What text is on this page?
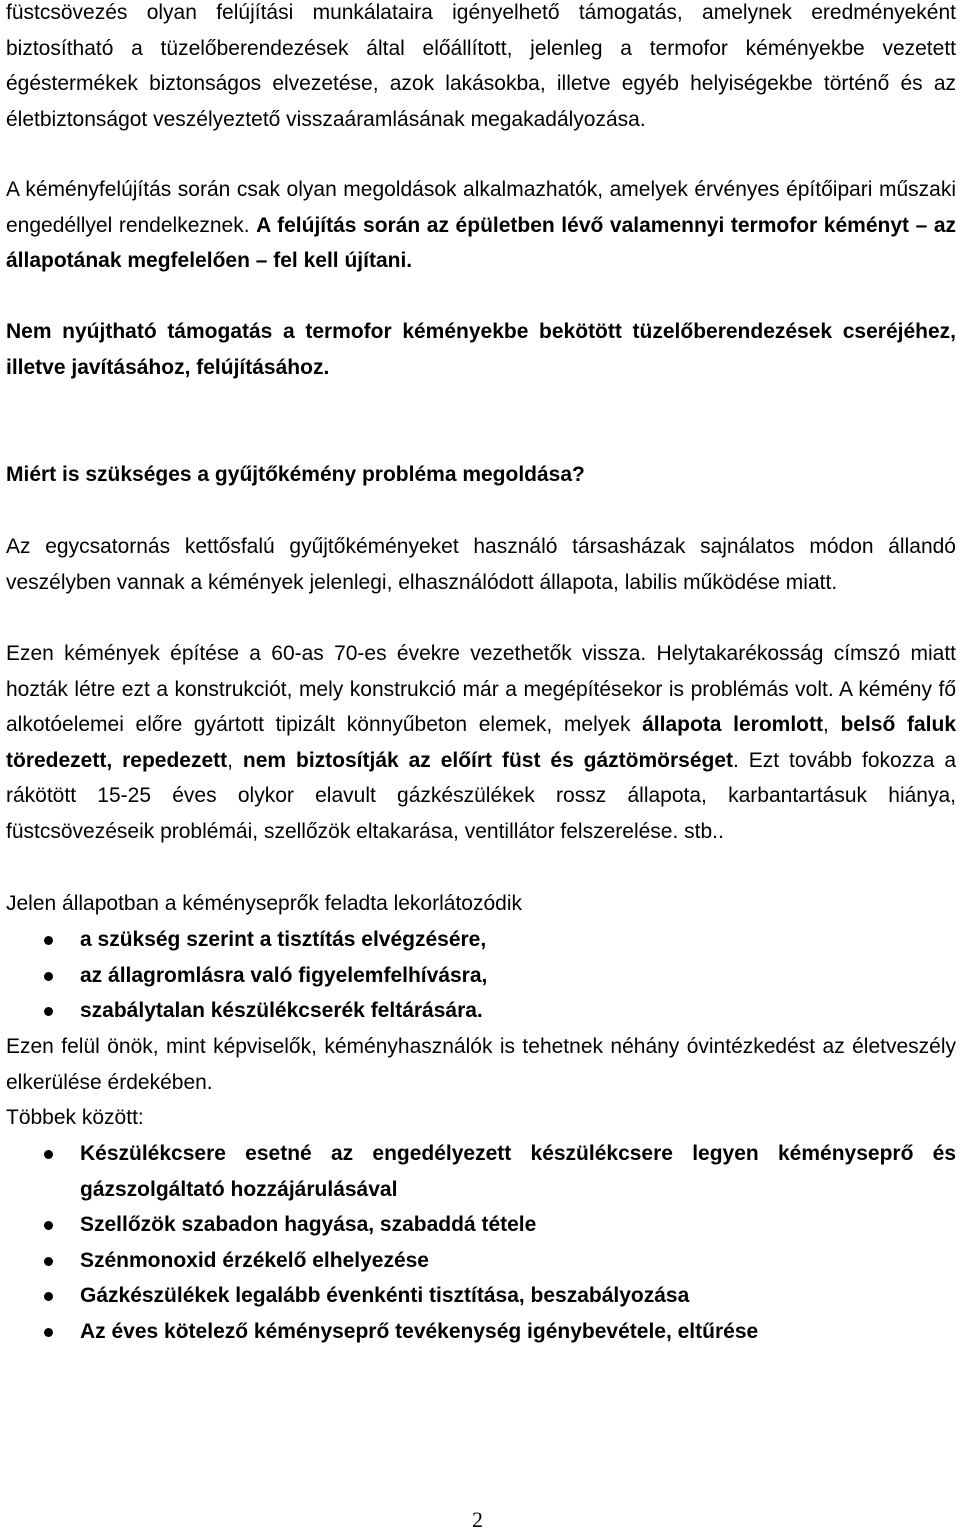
füstcsövezés olyan felújítási munkálataira igényelhető támogatás, amelynek eredményeként biztosítható a tüzelőberendezések által előállított, jelenleg a termofor kéményekbe vezetett égéstermékek biztonságos elvezetése, azok lakásokba, illetve egyéb helyiségekbe történő és az életbiztonságot veszélyeztető visszaáramlásának megakadályozása.

A kéményfelújítás során csak olyan megoldások alkalmazhatók, amelyek érvényes építőipari műszaki engedéllyel rendelkeznek. A felújítás során az épületben lévő valamennyi termofor kéményt – az állapotának megfelelően – fel kell újítani.

Nem nyújtható támogatás a termofor kéményekbe bekötött tüzelőberendezések cseréjéhez, illetve javításához, felújításához.

Miért is szükséges a gyűjtőkémény probléma megoldása?

Az egycsatornás kettősfalú gyűjtőkéményeket használó társasházak sajnálatos módon állandó veszélyben vannak a kémények jelenlegi, elhasználódott állapota, labilis működése miatt.

Ezen kémények építése a 60-as 70-es évekre vezethetők vissza. Helytakarékosság címszó miatt hozták létre ezt a konstrukciót, mely konstrukció már a megépítésekor is problémás volt. A kémény fő alkotóelemei előre gyártott tipizált könnyűbeton elemek, melyek állapota leromlott, belső faluk töredezett, repedezett, nem biztosítják az előírt füst és gáztömörséget. Ezt tovább fokozza a rákötött 15-25 éves olykor elavult gázkészülékek rossz állapota, karbantartásuk hiánya, füstcsövezéseik problémái, szellőzök eltakarása, ventillátor felszerelése. stb..

Jelen állapotban a kéményseprők feladta lekorlátozódik

a szükség szerint a tisztítás elvégzésére,
az állagromlásra való figyelemfelhívásra,
szabálytalan készülékcserék feltárására.

Ezen felül önök, mint képviselők, kéményhasználók is tehetnek néhány óvintézkedést az életveszély elkerülése érdekében.

Többek között:

Készülékcsere esetné az engedélyezett készülékcsere legyen kéményseprő és gázszolgáltató hozzájárulásával
Szellőzök szabadon hagyása, szabaddá tétele
Szénmonoxid érzékelő elhelyezése
Gázkészülékek legalább évenkénti tisztítása, beszabályozása
Az éves kötelező kéményseprő tevékenység igénybevétele, eltűrése
2
